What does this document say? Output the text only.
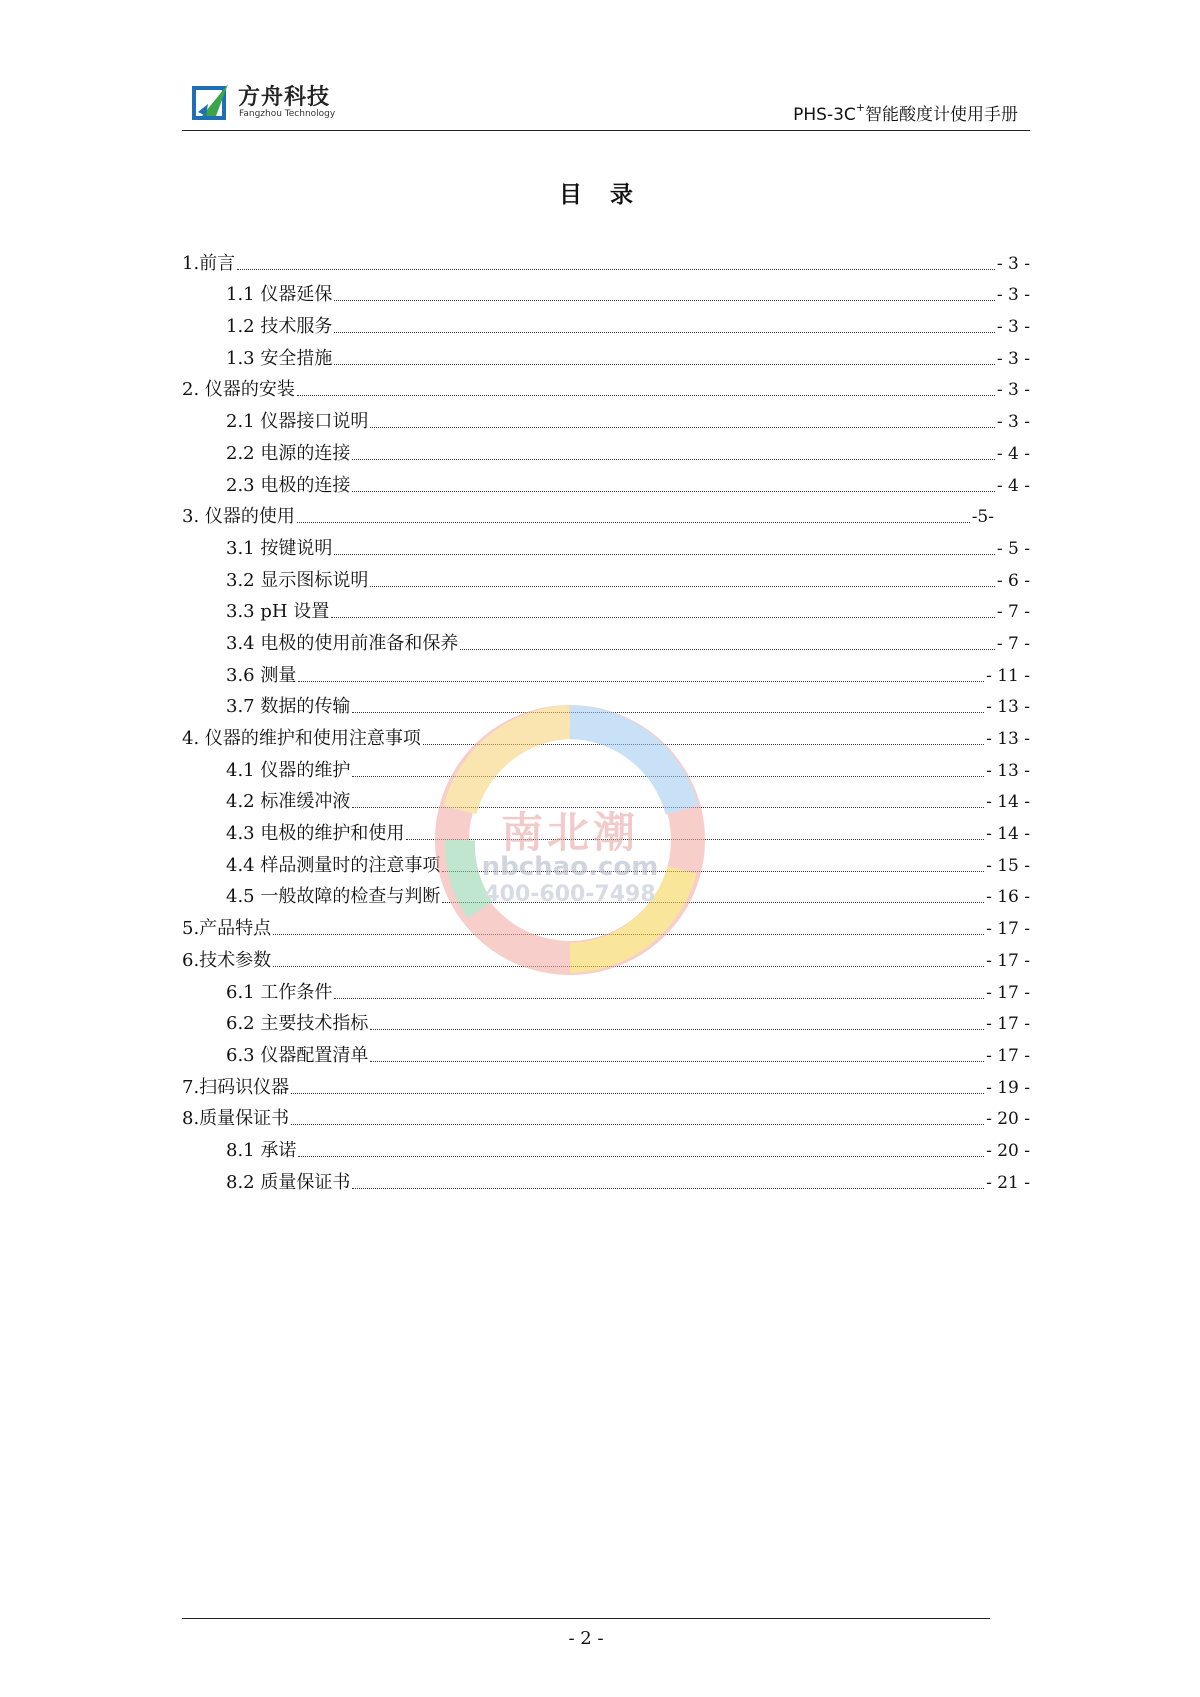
方舟科技
Fangzhou Technology	PHS-3C+智能酸度计使用手册
目录
1.前言	- 3 -
1.1 仪器延保	- 3 -
1.2 技术服务	- 3 -
1.3 安全措施	- 3 -
2. 仪器的安装	- 3 -
2.1 仪器接口说明	- 3 -
2.2 电源的连接	- 4 -
2.3 电极的连接	- 4 -
3. 仪器的使用	-5-
3.1 按键说明	- 5 -
3.2 显示图标说明	- 6 -
3.3 pH 设置	- 7 -
3.4 电极的使用前准备和保养	- 7 -
3.6 测量	- 11 -
3.7 数据的传输	- 13 -
4. 仪器的维护和使用注意事项	- 13 -
4.1 仪器的维护	- 13 -
4.2 标准缓冲液	- 14 -
4.3 电极的维护和使用	- 14 -
4.4 样品测量时的注意事项	- 15 -
4.5 一般故障的检查与判断	- 16 -
5.产品特点	- 17 -
6.技术参数	- 17 -
6.1 工作条件	- 17 -
6.2 主要技术指标	- 17 -
6.3 仪器配置清单	- 17 -
7.扫码识仪器	- 19 -
8.质量保证书	- 20 -
8.1 承诺	- 20 -
8.2 质量保证书	- 21 -
南北潮
nbchao.com
400-600-7498
- 2 -
